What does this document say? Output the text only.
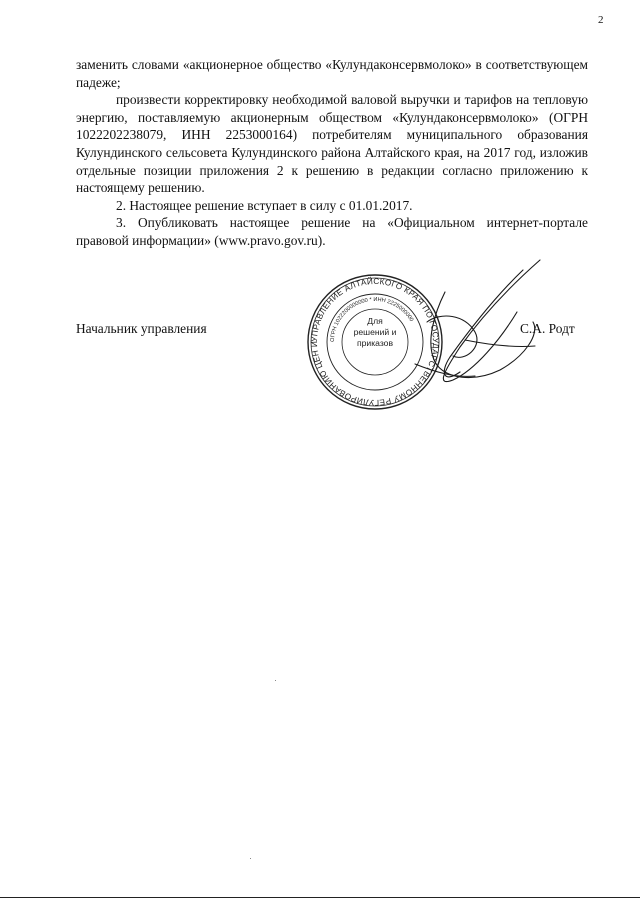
2

заменить словами «акционерное общество «Кулундаконсервмолоко» в соответствующем падеже;

произвести корректировку необходимой валовой выручки и тарифов на тепловую энергию, поставляемую акционерным обществом «Кулундаконсервмолоко» (ОГРН 1022202238079, ИНН 2253000164) потребителям муниципального образования Кулундинского сельсовета Кулундинского района Алтайского края, на 2017 год, изложив отдельные позиции приложения 2 к решению в редакции согласно приложению к настоящему решению.

2. Настоящее решение вступает в силу с 01.01.2017.

3. Опубликовать настоящее решение на «Официальном интернет-портале правовой информации» (www.pravo.gov.ru).

Начальник управления	С.А. Родт
УПРАВЛЕНИЕ АЛТАЙСКОГО КРАЯ ПО ГОСУДАРСТВЕННОМУ РЕГУЛИРОВАНИЮ ЦЕН И
ОГРН 1022200000000 * ИНН 2225000000
Для
решений и
приказов
